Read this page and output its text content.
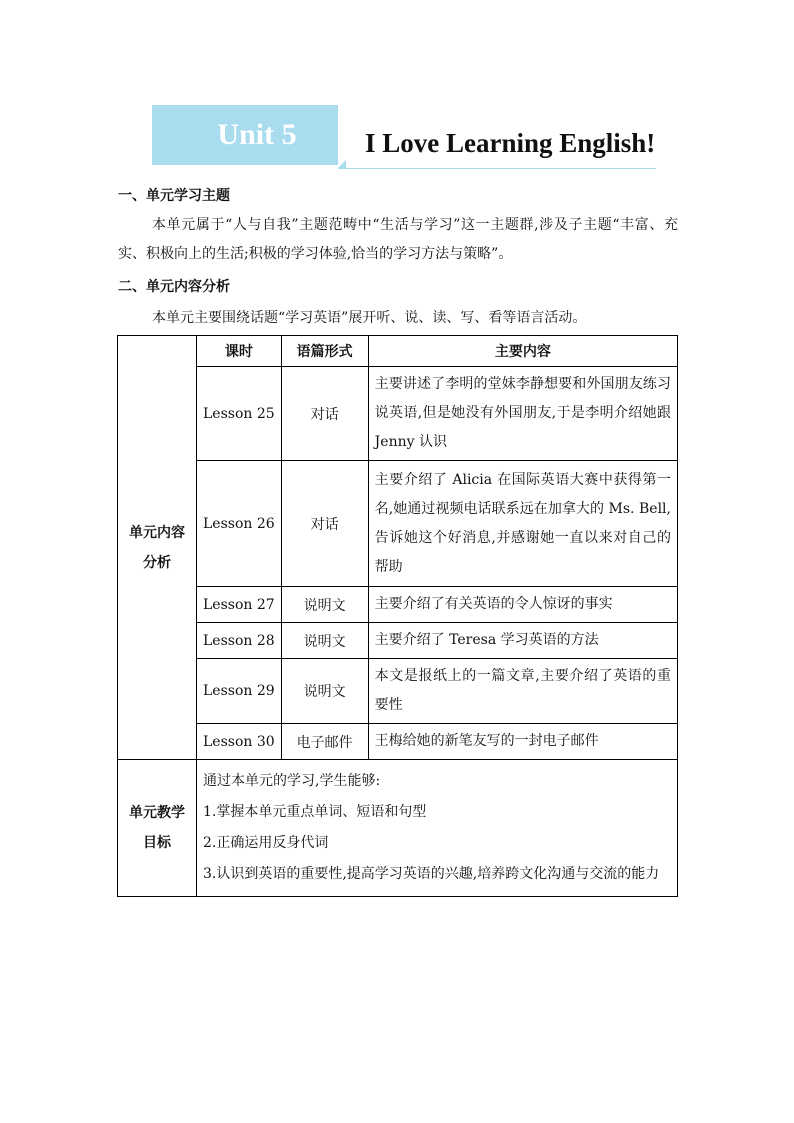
Unit 5	I Love Learning English!
一、单元学习主题
本单元属于“人与自我”主题范畴中“生活与学习”这一主题群,涉及子主题“丰富、充实、积极向上的生活;积极的学习体验,恰当的学习方法与策略”。
二、单元内容分析
本单元主要围绕话题“学习英语”展开听、说、读、写、看等语言活动。
单元内容分析	课时	语篇形式	主要内容
	Lesson 25	对话	主要讲述了李明的堂妹李静想要和外国朋友练习说英语,但是她没有外国朋友,于是李明介绍她跟 Jenny 认识
	Lesson 26	对话	主要介绍了 Alicia 在国际英语大赛中获得第一名,她通过视频电话联系远在加拿大的 Ms. Bell,告诉她这个好消息,并感谢她一直以来对自己的帮助
	Lesson 27	说明文	主要介绍了有关英语的令人惊讶的事实
	Lesson 28	说明文	主要介绍了 Teresa 学习英语的方法
	Lesson 29	说明文	本文是报纸上的一篇文章,主要介绍了英语的重要性
	Lesson 30	电子邮件	王梅给她的新笔友写的一封电子邮件
单元教学目标	通过本单元的学习,学生能够:
1.掌握本单元重点单词、短语和句型
2.正确运用反身代词
3.认识到英语的重要性,提高学习英语的兴趣,培养跨文化沟通与交流的能力		
